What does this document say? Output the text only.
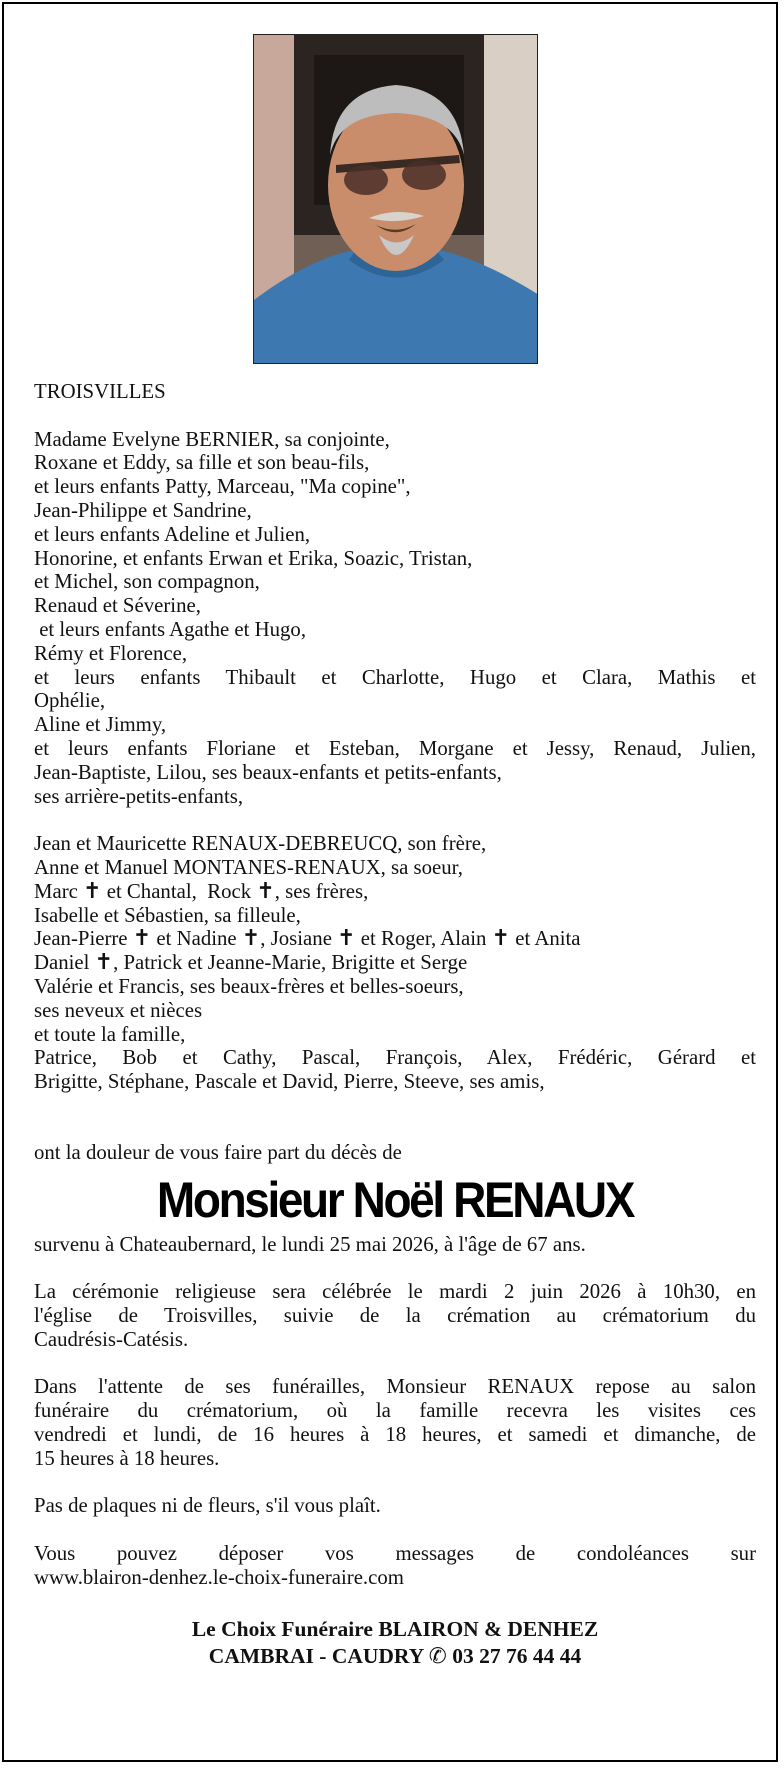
TROISVILLES
Madame Evelyne BERNIER, sa conjointe,
Roxane et Eddy, sa fille et son beau-fils,
et leurs enfants Patty, Marceau, "Ma copine",
Jean-Philippe et Sandrine,
et leurs enfants Adeline et Julien,
Honorine, et enfants Erwan et Erika, Soazic, Tristan,
et Michel, son compagnon,
Renaud et Séverine,
et leurs enfants Agathe et Hugo,
Rémy et Florence,
et leurs enfants Thibault et Charlotte, Hugo et Clara, Mathis et
Ophélie,
Aline et Jimmy,
et leurs enfants Floriane et Esteban, Morgane et Jessy, Renaud, Julien,
Jean-Baptiste, Lilou, ses beaux-enfants et petits-enfants,
ses arrière-petits-enfants,
Jean et Mauricette RENAUX-DEBREUCQ, son frère,
Anne et Manuel MONTANES-RENAUX, sa soeur,
Marc ✝ et Chantal,  Rock ✝, ses frères,
Isabelle et Sébastien, sa filleule,
Jean-Pierre ✝ et Nadine ✝, Josiane ✝ et Roger, Alain ✝ et Anita
Daniel ✝, Patrick et Jeanne-Marie, Brigitte et Serge
Valérie et Francis, ses beaux-frères et belles-soeurs,
ses neveux et nièces
et toute la famille,
Patrice, Bob et Cathy, Pascal, François, Alex, Frédéric, Gérard et
Brigitte, Stéphane, Pascale et David, Pierre, Steeve, ses amis,
ont la douleur de vous faire part du décès de
Monsieur Noël RENAUX
survenu à Chateaubernard, le lundi 25 mai 2026, à l'âge de 67 ans.
La cérémonie religieuse sera célébrée le mardi 2 juin 2026 à 10h30, en
l'église de Troisvilles, suivie de la crémation au crématorium du
Caudrésis-Catésis.
Dans l'attente de ses funérailles, Monsieur RENAUX repose au salon
funéraire du crématorium, où la famille recevra les visites ces
vendredi et lundi, de 16 heures à 18 heures, et samedi et dimanche, de
15 heures à 18 heures.
Pas de plaques ni de fleurs, s'il vous plaît.
Vous pouvez déposer vos messages de condoléances sur
www.blairon-denhez.le-choix-funeraire.com
Le Choix Funéraire BLAIRON & DENHEZ
CAMBRAI - CAUDRY ✆ 03 27 76 44 44
